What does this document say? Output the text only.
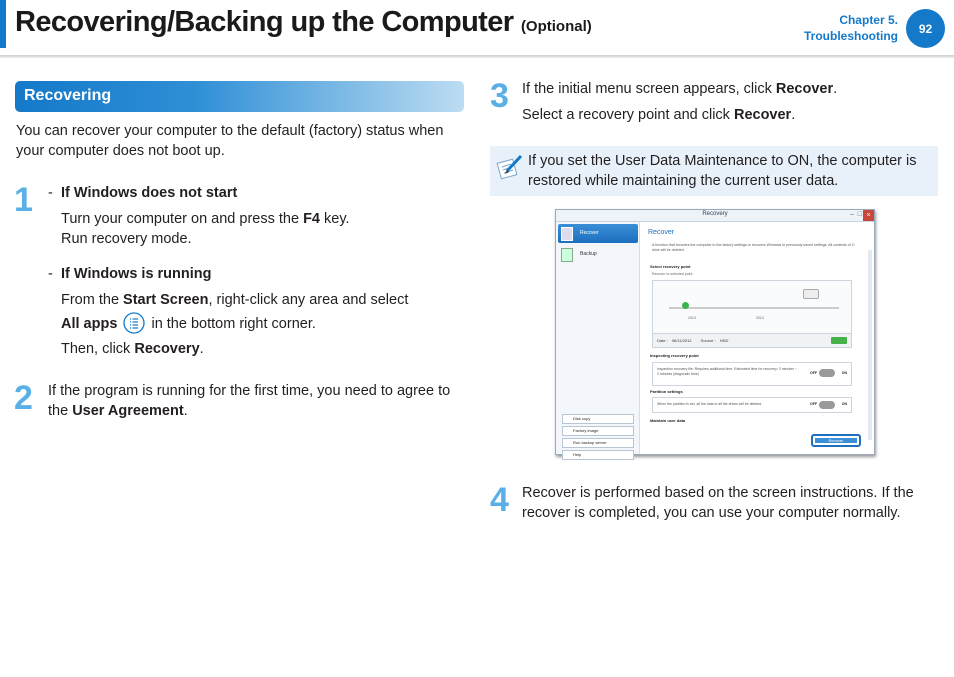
Recovering/Backing up the Computer (Optional)	Chapter 5.
Troubleshooting
92
Recovering
You can recover your computer to the default (factory) status when your computer does not boot up.
1 - If Windows does not start
Turn your computer on and press the F4 key.
Run recovery mode.
- If Windows is running
From the Start Screen, right-click any area and select
All apps  in the bottom right corner.
Then, click Recovery.
2 If the program is running for the first time, you need to agree to the User Agreement.
3 If the initial menu screen appears, click Recover.
Select a recovery point and click Recover.
If you set the User Data Maintenance to ON, the computer is restored while maintaining the current user data.
Recovery	– □ ×
Recover
Backup
Disk copy
Factory image
Run backup server
Help
Recover
A function that recovers the computer to the factory settings or recovers Windows to previously saved settings. All contents of C: drive will be deleted.
Select recovery point
Recover to selected point
2013	2013
Date : 06/11/2012 Source : HDD
Inspecting recovery point
Inspection recovery file: Requires additional time. Estimated time for recovery: 3 minutes ~ 2 minutes (diagnostic time)	OFF	ON
Partition settings
When the partition is set, all the data in all the drives will be deleted.	OFF	ON
Maintain user data
Recover
4 Recover is performed based on the screen instructions. If the recover is completed, you can use your computer normally.
